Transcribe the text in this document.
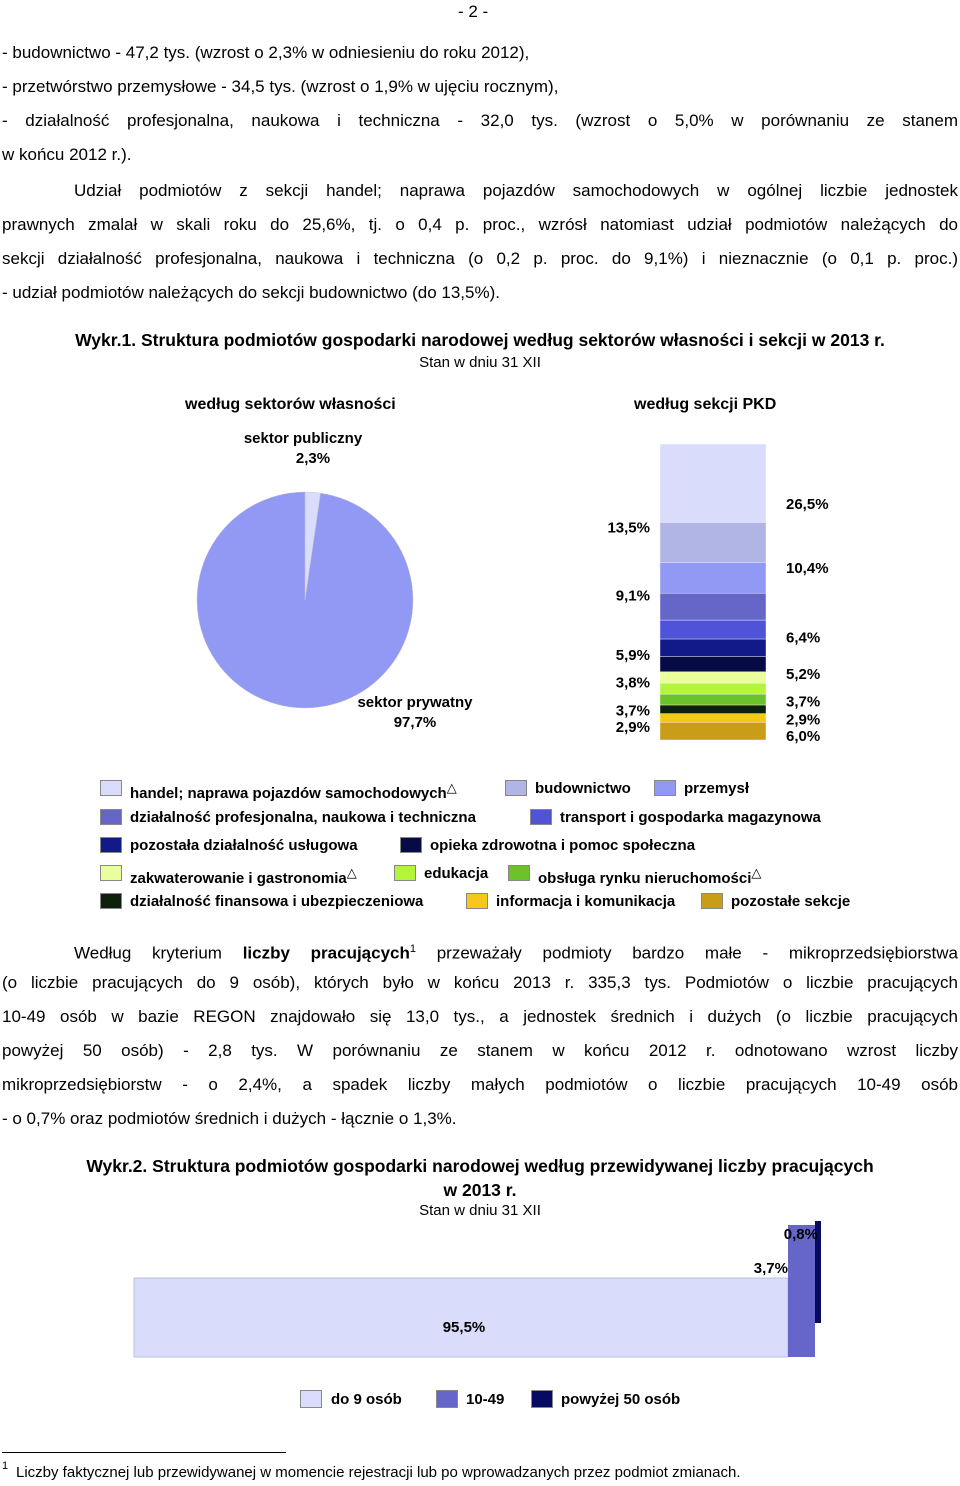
- 2 -
- budownictwo - 47,2 tys. (wzrost o 2,3% w odniesieniu do roku 2012),
- przetwórstwo przemysłowe - 34,5 tys. (wzrost o 1,9% w ujęciu rocznym),
- działalność profesjonalna, naukowa i techniczna - 32,0 tys. (wzrost o 5,0% w porównaniu ze stanem
w końcu 2012 r.).
Udział podmiotów z sekcji handel; naprawa pojazdów samochodowych w ogólnej liczbie jednostek
prawnych zmalał w skali roku do 25,6%, tj. o 0,4 p. proc., wzrósł natomiast udział podmiotów należących do
sekcji działalność profesjonalna, naukowa i techniczna (o 0,2 p. proc. do 9,1%) i nieznacznie (o 0,1 p. proc.)
- udział podmiotów należących do sekcji budownictwo (do 13,5%).
Wykr.1. Struktura podmiotów gospodarki narodowej według sektorów własności i sekcji w 2013 r.
Stan w dniu 31 XII
według sektorów własności	według sekcji PKD
sektor publiczny
2,3%
sektor prywatny
97,7%
26,5%
13,5%
10,4%
9,1%
6,4%
5,9%
5,2%
3,8%
3,7%
3,7%
2,9%
2,9%
6,0%
handel; naprawa pojazdów samochodowych△	budownictwo	przemysł
działalność profesjonalna, naukowa i techniczna	transport i gospodarka magazynowa
pozostała działalność usługowa	opieka zdrowotna i pomoc społeczna
zakwaterowanie i gastronomia△	edukacja	obsługa rynku nieruchomości△
działalność finansowa i ubezpieczeniowa	informacja i komunikacja	pozostałe sekcje
Według kryterium liczby pracujących$^1$ przeważały podmioty bardzo małe - mikroprzedsiębiorstwa
(o liczbie pracujących do 9 osób), których było w końcu 2013 r. 335,3 tys. Podmiotów o liczbie pracujących
10-49 osób w bazie REGON znajdowało się 13,0 tys., a jednostek średnich i dużych (o liczbie pracujących
powyżej 50 osób) - 2,8 tys. W porównaniu ze stanem w końcu 2012 r. odnotowano wzrost liczby
mikroprzedsiębiorstw - o 2,4%, a spadek liczby małych podmiotów o liczbie pracujących 10-49 osób
- o 0,7% oraz podmiotów średnich i dużych - łącznie o 1,3%.
Wykr.2. Struktura podmiotów gospodarki narodowej według przewidywanej liczby pracujących
w 2013 r.
Stan w dniu 31 XII
95,5%
3,7%
0,8%
do 9 osób	10-49	powyżej 50 osób
1 Liczby faktycznej lub przewidywanej w momencie rejestracji lub po wprowadzanych przez podmiot zmianach.
